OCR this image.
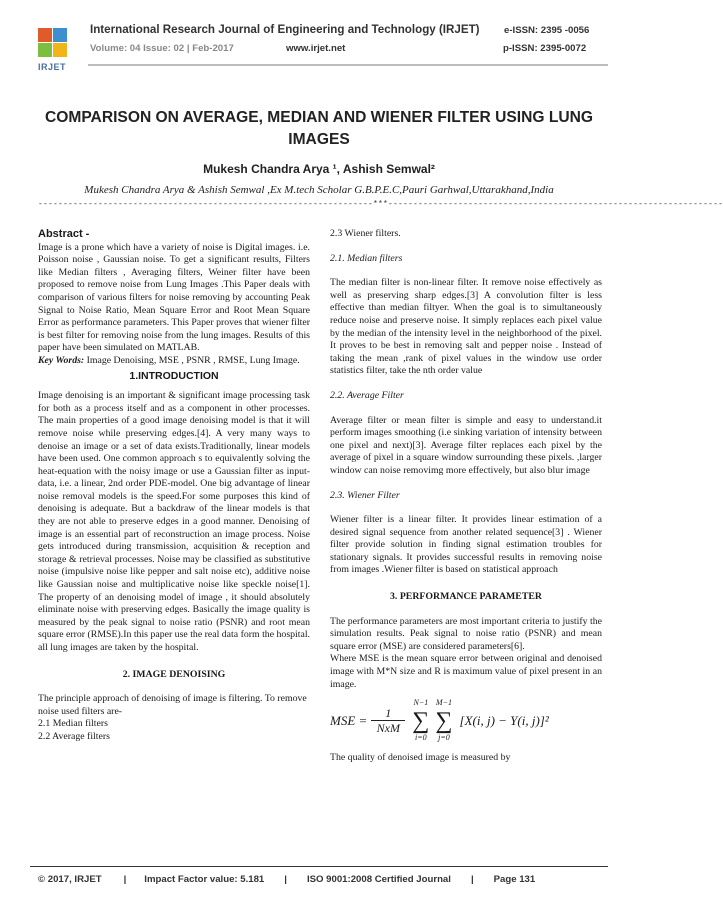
IRJET
International Research Journal of Engineering and Technology (IRJET)	e-ISSN: 2395 -0056
Volume: 04 Issue: 02 | Feb-2017	www.irjet.net	p-ISSN: 2395-0072
COMPARISON ON AVERAGE, MEDIAN AND WIENER FILTER USING LUNG IMAGES
Mukesh Chandra Arya ¹, Ashish Semwal²
Mukesh Chandra Arya & Ashish Semwal ,Ex M.tech Scholar G.B.P.E.C,Pauri Garhwal,Uttarakhand,India
-------------------------------------------------------------------***-------------------------------------------------------------------

Abstract -
Image is a prone which have a variety of noise is Digital images. i.e. Poisson noise , Gaussian noise. To get a significant results, Filters like Median filters , Averaging filters, Weiner filter have been proposed to remove noise from Lung Images .This Paper deals with comparison of various filters for noise removing by accounting Peak Signal to Noise Ratio, Mean Square Error and Root Mean Square Error as performance parameters. This Paper proves that wiener filter is best filter for removing noise from the lung images. Results of this paper have been simulated on MATLAB.

Key Words: Image Denoising, MSE , PSNR , RMSE, Lung Image.

1.INTRODUCTION

Image denoising is an important & significant image processing task for both as a process itself and as a component in other processes. The main properties of a good image denoising model is that it will remove noise while preserving edges.[4]. A very many ways to denoise an image or a set of data exists.Traditionally, linear models have been used. One common approach s to equivalently solving the heat-equation with the noisy image or use a Gaussian filter as input-data, i.e. a linear, 2nd order PDE-model. One big advantage of linear noise removal models is the speed.For some purposes this kind of denoising is adequate. But a backdraw of the linear models is that they are not able to preserve edges in a good manner. Denoising of image is an essential part of reconstruction an image process. Noise gets introduced during transmission, acquisition & reception and storage & retrieval processes. Noise may be classified as substitutive noise (impulsive noise like pepper and salt noise etc), additive noise like Gaussian noise and multiplicative noise like speckle noise[1]. The property of an denoising model of image , it should absolutely eliminate noise with preserving edges. Basically the image quality is measured by the peak signal to noise ratio (PSNR) and root mean square error (RMSE).In this paper use the real data form the hospital. all lung images are taken by the hospital.

2. IMAGE DENOISING

The principle approach of denoising of image is filtering. To remove noise used filters are-

2.1 Median filters
2.2 Average filters
2.3 Wiener filters.
2.1. Median filters

The median filter is non-linear filter. It remove noise effectively as well as preserving sharp edges.[3] A convolution filter is less effective than median filtyer. When the goal is to simultaneously reduce noise and preserve noise. It simply replaces each pixel value by the median of the intensity level in the neighborhood of the pixel. It proves to be best in removing salt and pepper noise . Instead of taking the mean ,rank of pixel values in the window use order statistics filter, take the nth order value

2.2. Average Filter

Average filter or mean filter is simple and easy to understand.it perform images smoothing (i.e sinking variation of intensity between one pixel and next)[3]. Average filter replaces each pixel by the average of pixel in a square window surrounding these pixels. ,larger window can noise removimg more effectively, but also blur image

2.3. Wiener Filter

Wiener filter is a linear filter. It provides linear estimation of a desired signal sequence from another related sequence[3] . Wiener filter provide solution in finding signal estimation troubles for stationary signals. It provides successful results in removing noise from images .Wiener filter is based on statistical approach

3. PERFORMANCE PARAMETER

The performance parameters are most important criteria to justify the simulation results. Peak signal to noise ratio (PSNR) and mean square error (MSE) are considered parameters[6].

Where MSE is the mean square error between original and denoised image with M*N size and R is maximum value of pixel present in an image.

MSE = $\frac{1}{\text{NxM}}$
N−1
∑
i=0
M−1
∑
j=0
[X(i, j) − Y(i, j)]²

The quality of denoised image is measured by

© 2017, IRJET | Impact Factor value: 5.181 | ISO 9001:2008 Certified Journal | Page 131
